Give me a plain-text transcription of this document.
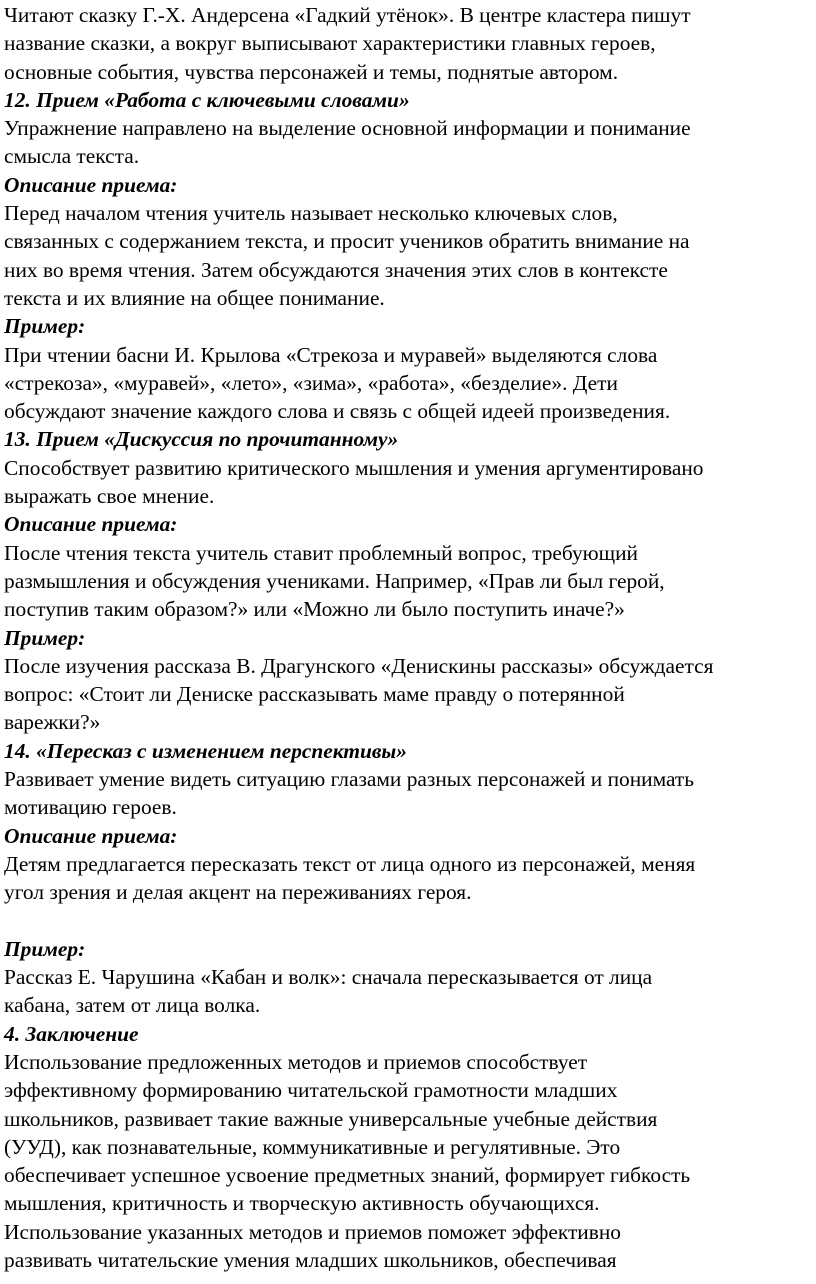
Читают сказку Г.-Х. Андерсена «Гадкий утёнок». В центре кластера пишут

название сказки, а вокруг выписывают характеристики главных героев,

основные события, чувства персонажей и темы, поднятые автором.

12. Прием «Работа с ключевыми словами»

Упражнение направлено на выделение основной информации и понимание

смысла текста.

Описание приема:

Перед началом чтения учитель называет несколько ключевых слов,

связанных с содержанием текста, и просит учеников обратить внимание на

них во время чтения. Затем обсуждаются значения этих слов в контексте

текста и их влияние на общее понимание.

Пример:

При чтении басни И. Крылова «Стрекоза и муравей» выделяются слова

«стрекоза», «муравей», «лето», «зима», «работа», «безделие». Дети

обсуждают значение каждого слова и связь с общей идеей произведения.

13. Прием «Дискуссия по прочитанному»

Способствует развитию критического мышления и умения аргументировано

выражать свое мнение.

Описание приема:

После чтения текста учитель ставит проблемный вопрос, требующий

размышления и обсуждения учениками. Например, «Прав ли был герой,

поступив таким образом?» или «Можно ли было поступить иначе?»

Пример:

После изучения рассказа В. Драгунского «Денискины рассказы» обсуждается

вопрос: «Стоит ли Дениске рассказывать маме правду о потерянной

варежки?»

14. «Пересказ с изменением перспективы»

Развивает умение видеть ситуацию глазами разных персонажей и понимать

мотивацию героев.

Описание приема:

Детям предлагается пересказать текст от лица одного из персонажей, меняя

угол зрения и делая акцент на переживаниях героя.

Пример:

Рассказ Е. Чарушина «Кабан и волк»: сначала пересказывается от лица

кабана, затем от лица волка.

4. Заключение

Использование предложенных методов и приемов способствует

эффективному формированию читательской грамотности младших

школьников, развивает такие важные универсальные учебные действия

(УУД), как познавательные, коммуникативные и регулятивные. Это

обеспечивает успешное усвоение предметных знаний, формирует гибкость

мышления, критичность и творческую активность обучающихся.

Использование указанных методов и приемов поможет эффективно

развивать читательские умения младших школьников, обеспечивая
